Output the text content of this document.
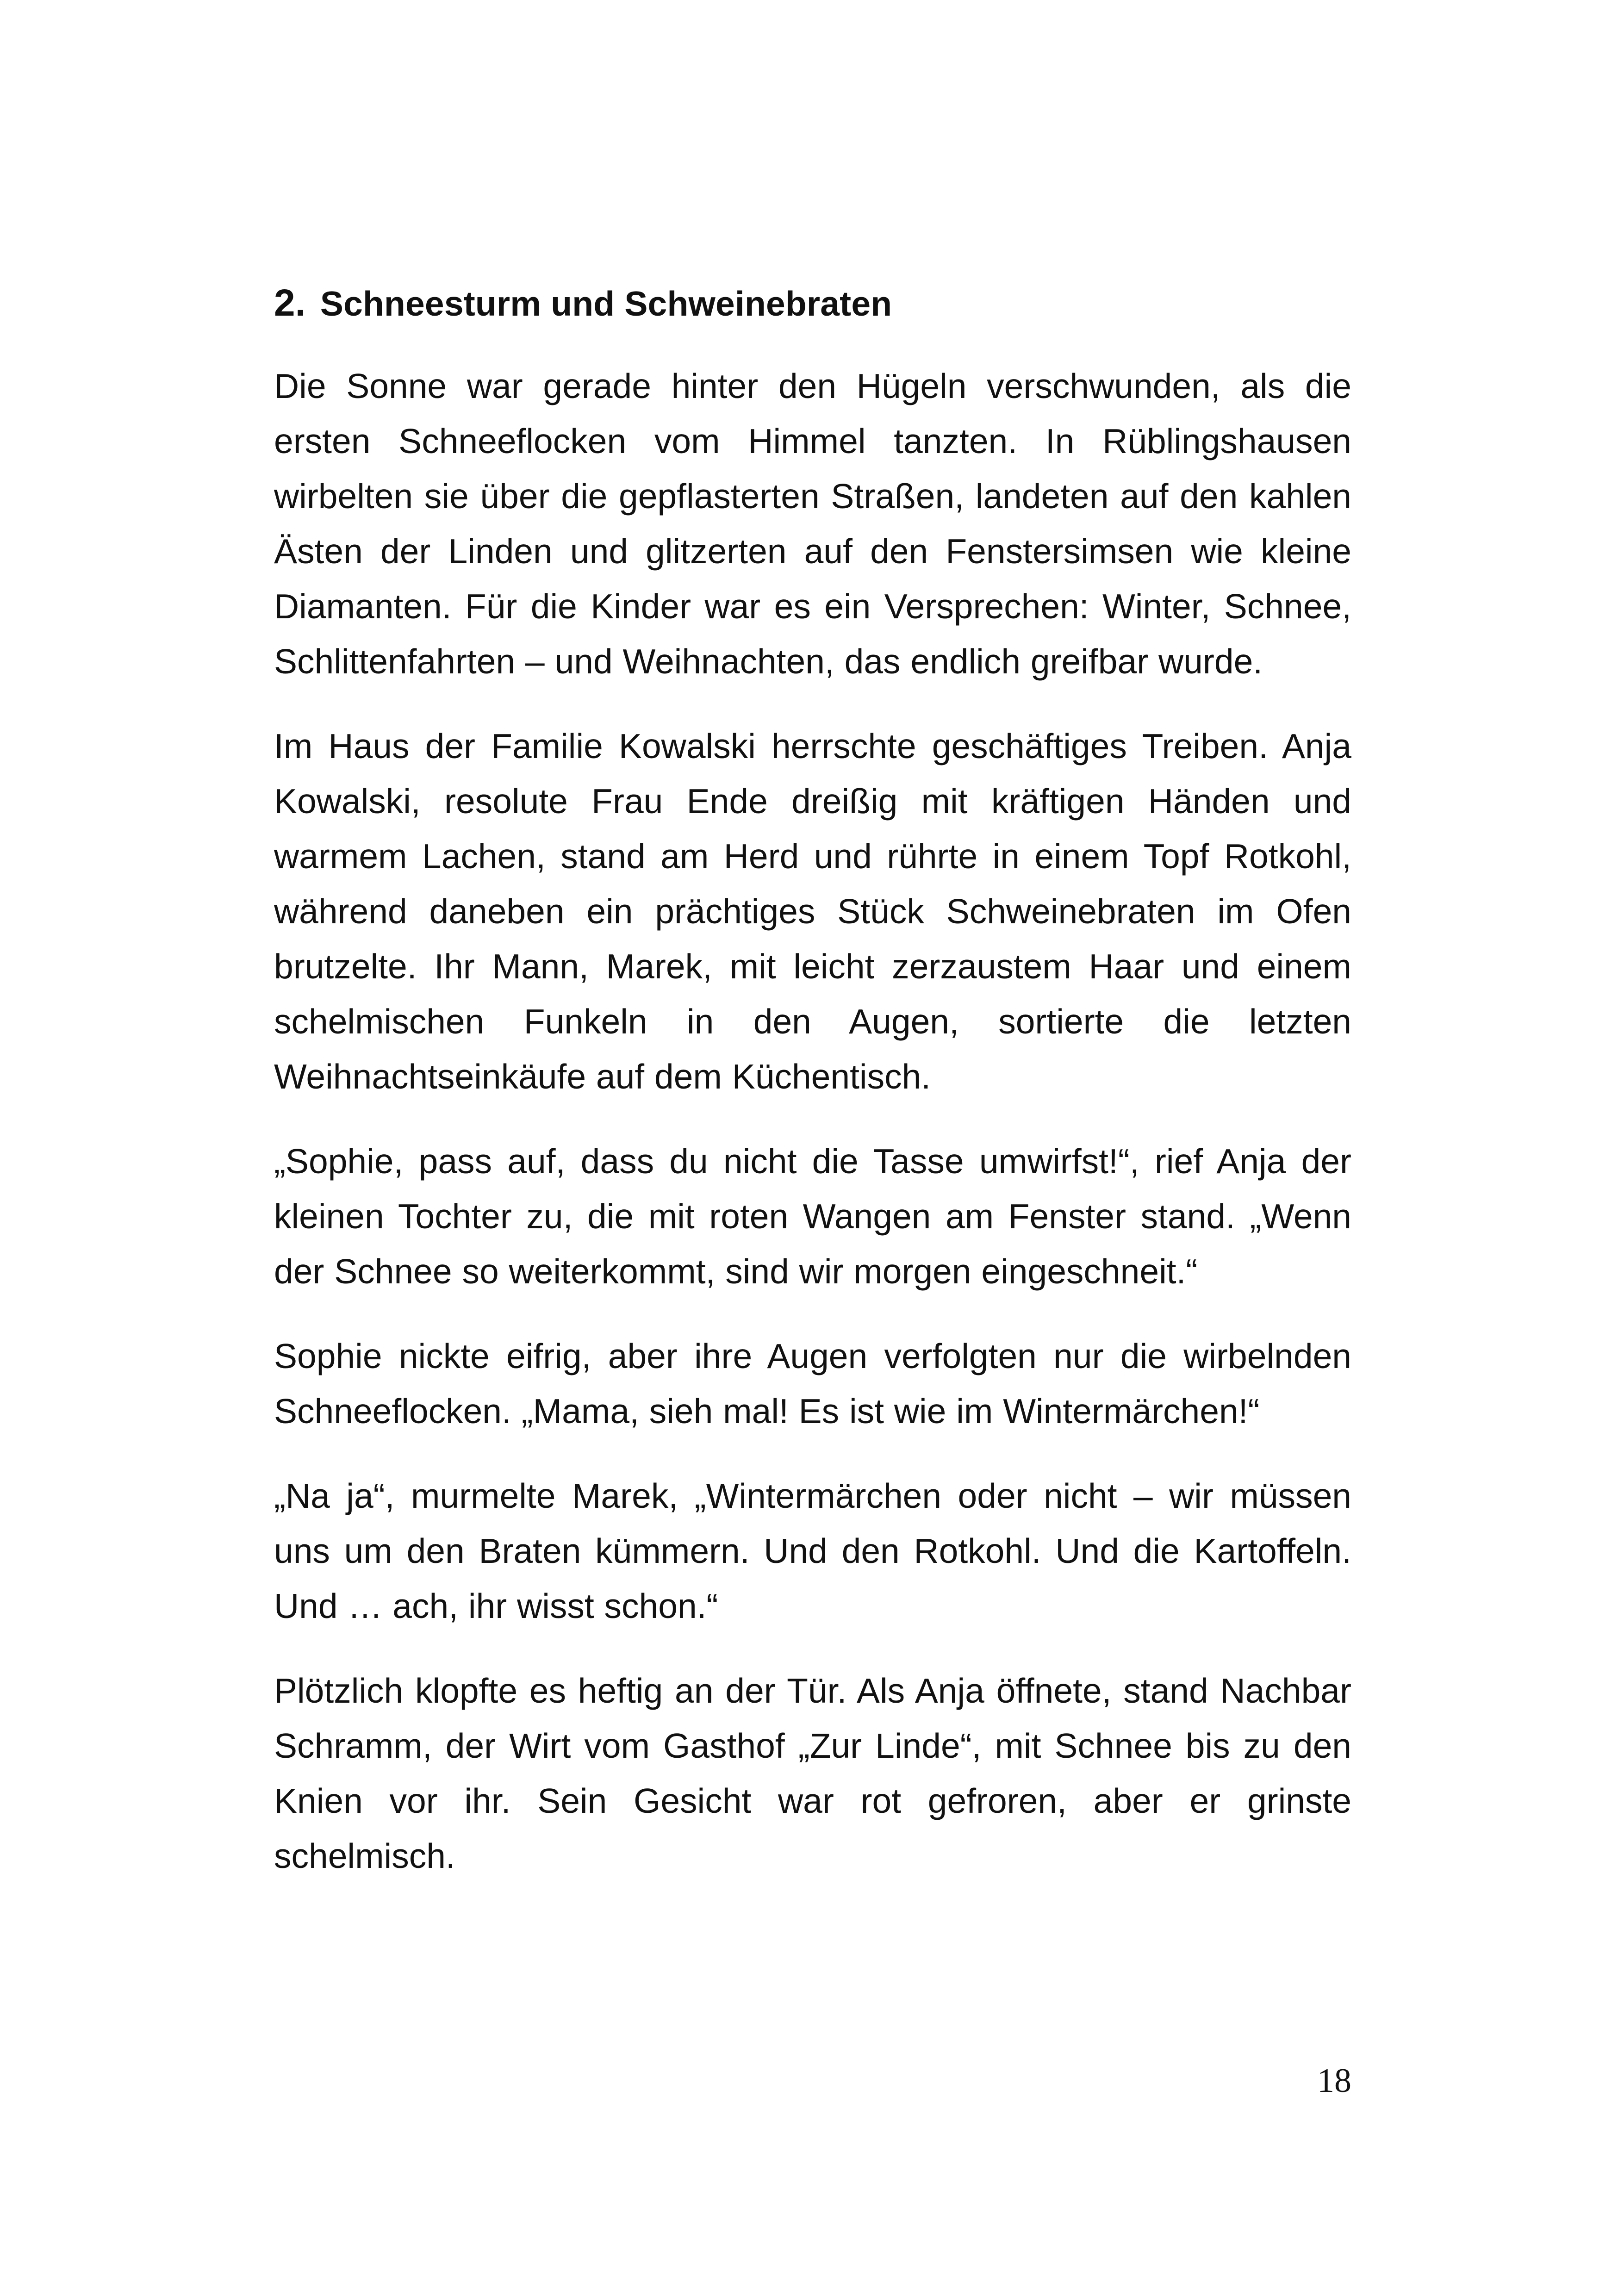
2. Schneesturm und Schweinebraten

Die Sonne war gerade hinter den Hügeln verschwunden, als die ersten Schneeflocken vom Himmel tanzten. In Rüblingshausen wirbelten sie über die gepflasterten Straßen, landeten auf den kahlen Ästen der Linden und glitzerten auf den Fenstersimsen wie kleine Diamanten. Für die Kinder war es ein Versprechen: Winter, Schnee, Schlittenfahrten – und Weihnachten, das endlich greifbar wurde.

Im Haus der Familie Kowalski herrschte geschäftiges Treiben. Anja Kowalski, resolute Frau Ende dreißig mit kräftigen Händen und warmem Lachen, stand am Herd und rührte in einem Topf Rotkohl, während daneben ein prächtiges Stück Schweinebraten im Ofen brutzelte. Ihr Mann, Marek, mit leicht zerzaustem Haar und einem schelmischen Funkeln in den Augen, sortierte die letzten Weihnachtseinkäufe auf dem Küchentisch.

„Sophie, pass auf, dass du nicht die Tasse umwirfst!“, rief Anja der kleinen Tochter zu, die mit roten Wangen am Fenster stand. „Wenn der Schnee so weiterkommt, sind wir morgen eingeschneit.“

Sophie nickte eifrig, aber ihre Augen verfolgten nur die wirbelnden Schneeflocken. „Mama, sieh mal! Es ist wie im Wintermärchen!“

„Na ja“, murmelte Marek, „Wintermärchen oder nicht – wir müssen uns um den Braten kümmern. Und den Rotkohl. Und die Kartoffeln. Und … ach, ihr wisst schon.“

Plötzlich klopfte es heftig an der Tür. Als Anja öffnete, stand Nachbar Schramm, der Wirt vom Gasthof „Zur Linde“, mit Schnee bis zu den Knien vor ihr. Sein Gesicht war rot gefroren, aber er grinste schelmisch.

18
